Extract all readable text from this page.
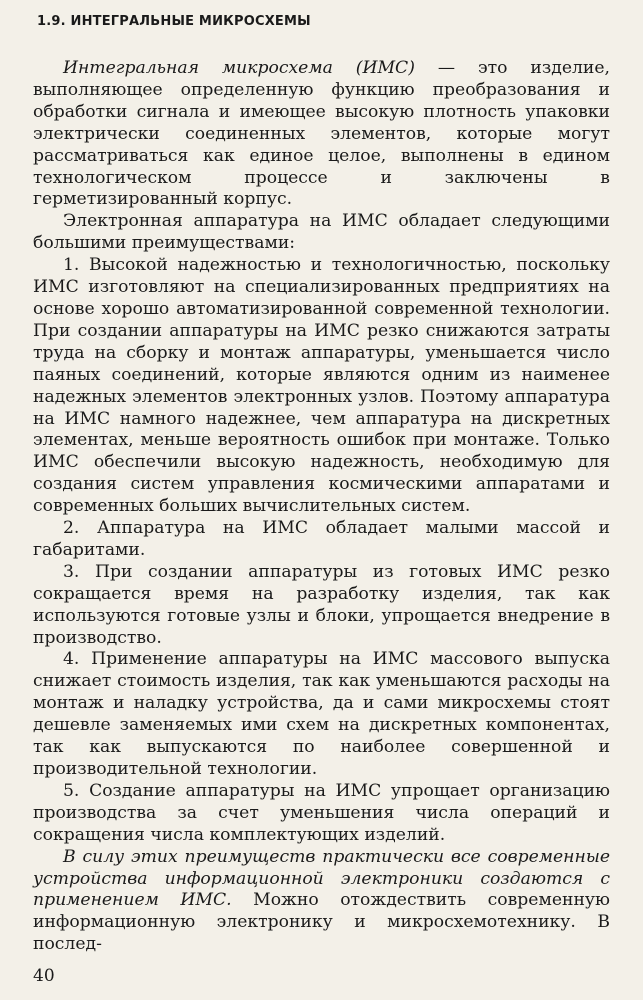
1.9. ИНТЕГРАЛЬНЫЕ МИКРОСХЕМЫ

Интегральная микросхема (ИМС) — это изделие, выполняющее определенную функцию преобразования и обработки сигнала и имеющее высокую плотность упаковки электрически соединенных элементов, которые могут рассматриваться как единое целое, выполнены в едином технологическом процессе и заключены в герметизированный корпус.

Электронная аппаратура на ИМС обладает следующими большими преимуществами:

1. Высокой надежностью и технологичностью, поскольку ИМС изготовляют на специализированных предприятиях на основе хорошо автоматизированной современной технологии. При создании аппаратуры на ИМС резко снижаются затраты труда на сборку и монтаж аппаратуры, уменьшается число паяных соединений, которые являются одним из наименее надежных элементов электронных узлов. Поэтому аппаратура на ИМС намного надежнее, чем аппаратура на дискретных элементах, меньше вероятность ошибок при монтаже. Только ИМС обеспечили высокую надежность, необходимую для создания систем управления космическими аппаратами и современных больших вычислительных систем.

2. Аппаратура на ИМС обладает малыми массой и габаритами.

3. При создании аппаратуры из готовых ИМС резко сокращается время на разработку изделия, так как используются готовые узлы и блоки, упрощается внедрение в производство.

4. Применение аппаратуры на ИМС массового выпуска снижает стоимость изделия, так как уменьшаются расходы на монтаж и наладку устройства, да и сами микросхемы стоят дешевле заменяемых ими схем на дискретных компонентах, так как выпускаются по наиболее совершенной и производительной технологии.

5. Создание аппаратуры на ИМС упрощает организацию производства за счет уменьшения числа операций и сокращения числа комплектующих изделий.

В силу этих преимуществ практически все современные устройства информационной электроники создаются с применением ИМС. Можно отождествить современную информационную электронику и микросхемотехнику. В послед-

40
